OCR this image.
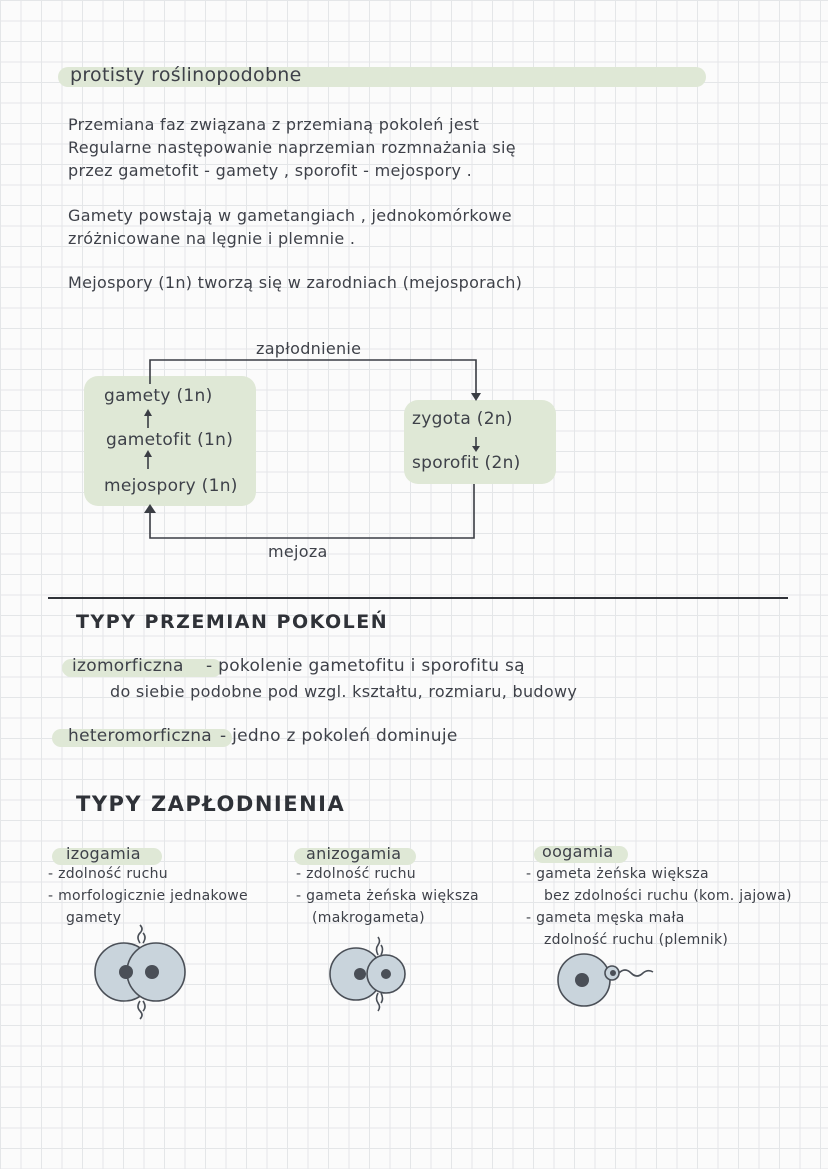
protisty roślinopodobne
Przemiana faz związana z przemianą pokoleń jest
Regularne następowanie naprzemian rozmnażania się
przez gametofit - gamety , sporofit - mejospory .
Gamety powstają w gametangiach , jednokomórkowe
zróżnicowane na lęgnie i plemnie .
Mejospory (1n) tworzą się w zarodniach (mejosporach)
zapłodnienie
mejoza
gamety (1n)
gametofit (1n)
mejospory (1n)
zygota (2n)
sporofit (2n)
TYPY PRZEMIAN POKOLEŃ
izomorficzna - pokolenie gametofitu i sporofitu są
do siebie podobne pod wzgl. kształtu, rozmiaru, budowy
heteromorficzna - jedno z pokoleń dominuje
TYPY ZAPŁODNIENIA
izogamia
- zdolność ruchu
- morfologicznie jednakowe
gamety
anizogamia
- zdolność ruchu
- gameta żeńska większa
(makrogameta)
oogamia
- gameta żeńska większa
bez zdolności ruchu (kom. jajowa)
- gameta męska mała
zdolność ruchu (plemnik)
